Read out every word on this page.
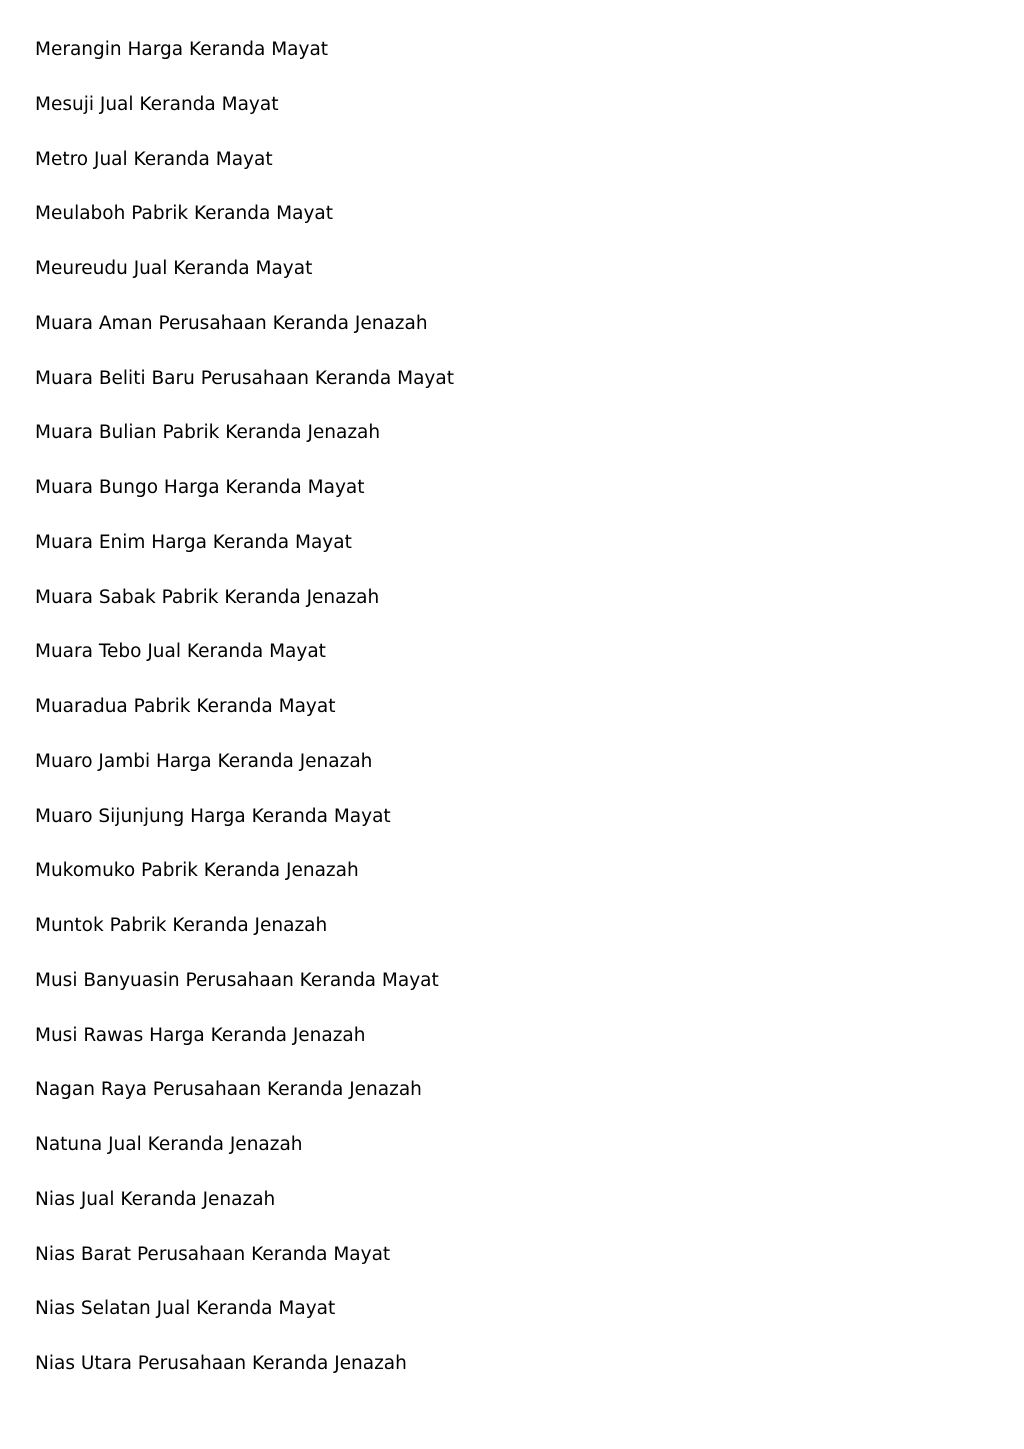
Merangin Harga Keranda Mayat
Mesuji Jual Keranda Mayat
Metro Jual Keranda Mayat
Meulaboh Pabrik Keranda Mayat
Meureudu Jual Keranda Mayat
Muara Aman Perusahaan Keranda Jenazah
Muara Beliti Baru Perusahaan Keranda Mayat
Muara Bulian Pabrik Keranda Jenazah
Muara Bungo Harga Keranda Mayat
Muara Enim Harga Keranda Mayat
Muara Sabak Pabrik Keranda Jenazah
Muara Tebo Jual Keranda Mayat
Muaradua Pabrik Keranda Mayat
Muaro Jambi Harga Keranda Jenazah
Muaro Sijunjung Harga Keranda Mayat
Mukomuko Pabrik Keranda Jenazah
Muntok Pabrik Keranda Jenazah
Musi Banyuasin Perusahaan Keranda Mayat
Musi Rawas Harga Keranda Jenazah
Nagan Raya Perusahaan Keranda Jenazah
Natuna Jual Keranda Jenazah
Nias Jual Keranda Jenazah
Nias Barat Perusahaan Keranda Mayat
Nias Selatan Jual Keranda Mayat
Nias Utara Perusahaan Keranda Jenazah
